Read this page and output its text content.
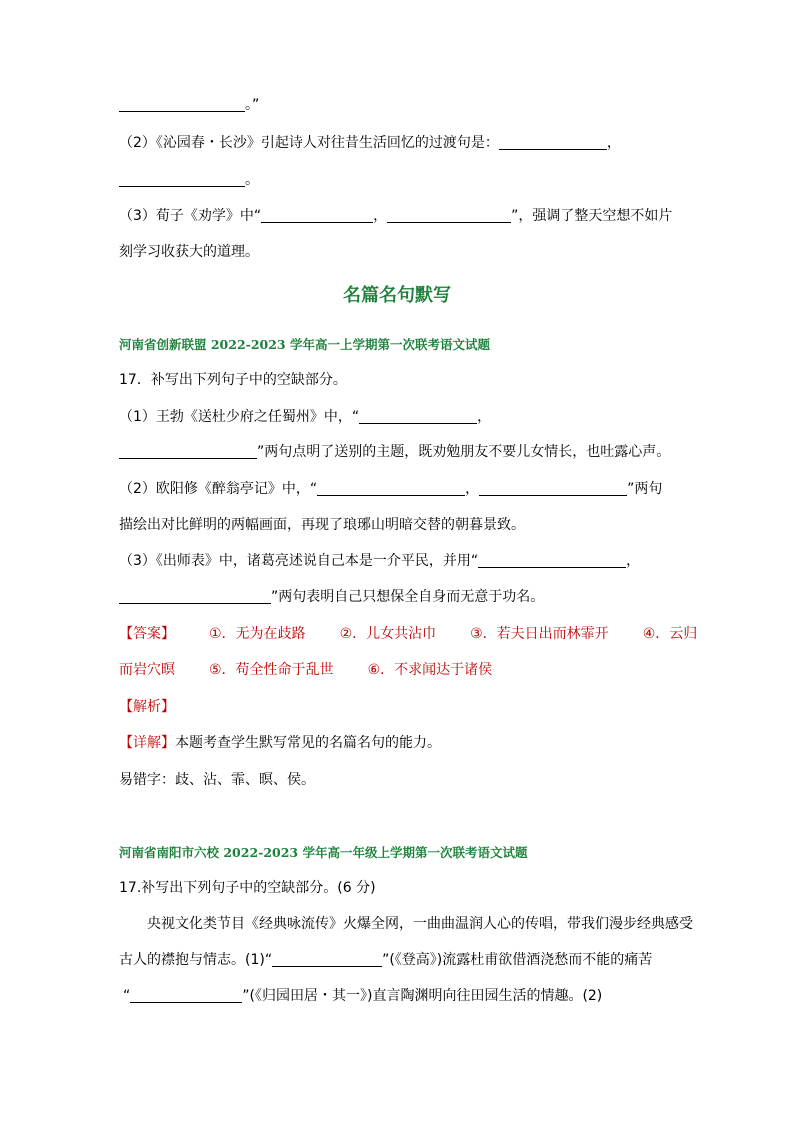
。”
（2）《沁园春・长沙》引起诗人对往昔生活回忆的过渡句是：	，
。
（3）荀子《劝学》中“	，	”，强调了整天空想不如片
刻学习收获大的道理。
名篇名句默写
河南省创新联盟 2022-2023 学年高一上学期第一次联考语文试题
17．补写出下列句子中的空缺部分。
（1）王勃《送杜少府之任蜀州》中，“	，
”两句点明了送别的主题，既劝勉朋友不要儿女情长，也吐露心声。
（2）欧阳修《醉翁亭记》中，“	，	”两句
描绘出对比鲜明的两幅画面，再现了琅琊山明暗交替的朝暮景致。
（3）《出师表》中，诸葛亮述说自己本是一介平民，并用“	，
”两句表明自己只想保全自身而无意于功名。
【答案】 ①．无为在歧路 ②．儿女共沾巾 ③．若夫日出而林霏开 ④．云归
而岩穴暝 ⑤．苟全性命于乱世 ⑥．不求闻达于诸侯
【解析】
【详解】本题考查学生默写常见的名篇名句的能力。
易错字：歧、沾、霏、暝、侯。
河南省南阳市六校 2022-2023 学年高一年级上学期第一次联考语文试题
17.补写出下列句子中的空缺部分。(6 分)
央视文化类节目《经典咏流传》火爆全网，一曲曲温润人心的传唱，带我们漫步经典感受
古人的襟抱与情志。(1)“	”(《登高》)流露杜甫欲借酒浇愁而不能的痛苦
“	”(《归园田居・其一》)直言陶渊明向往田园生活的情趣。(2)
